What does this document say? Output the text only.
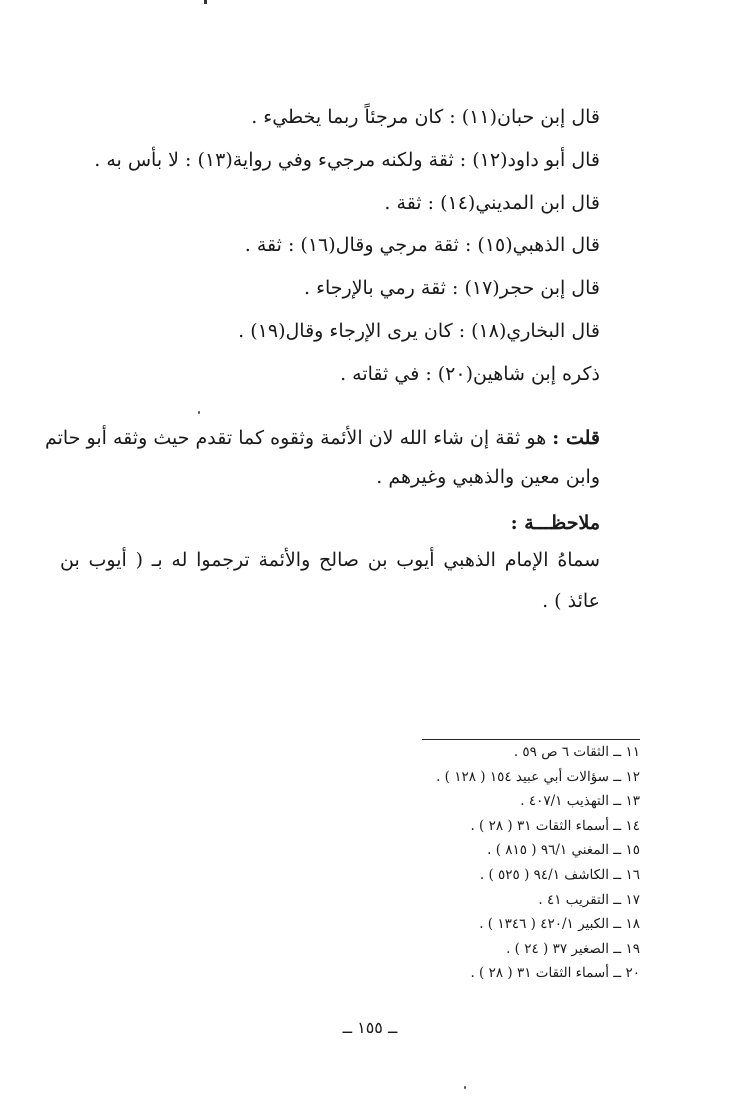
قال إبن حبان(١١) : كان مرجئاً ربما يخطيء .
قال أبو داود(١٢) : ثقة ولكنه مرجيء وفي رواية(١٣) : لا بأس به .
قال ابن المديني(١٤) : ثقة .
قال الذهبي(١٥) : ثقة مرجي وقال(١٦) : ثقة .
قال إبن حجر(١٧) : ثقة رمي بالإرجاء .
قال البخاري(١٨) : كان يرى الإرجاء وقال(١٩) .
ذكره إبن شاهين(٢٠) : في ثقاته .

قلت : هو ثقة إن شاء الله لان الأئمة وثقوه كما تقدم حيث وثقه أبو حاتم وابن معين والذهبي وغيرهم .

ملاحظـــة :

سماهُ الإمام الذهبي أيوب بن صالح والأئمة ترجموا له بـ ( أيوب بن عائذ ) .

١١ ــ الثقات ٦ ص ٥٩ .
١٢ ــ سؤالات أبي عبيد ١٥٤ ( ١٢٨ ) .
١٣ ــ التهذيب ٤٠٧/١ .
١٤ ــ أسماء الثقات ٣١ ( ٢٨ ) .
١٥ ــ المغني ٩٦/١ ( ٨١٥ ) .
١٦ ــ الكاشف ٩٤/١ ( ٥٢٥ ) .
١٧ ــ التقريب ٤١ .
١٨ ــ الكبير ٤٢٠/١ ( ١٣٤٦ ) .
١٩ ــ الصغير ٣٧ ( ٢٤ ) .
٢٠ ــ أسماء الثقات ٣١ ( ٢٨ ) .
ــ ١٥٥ ــ
